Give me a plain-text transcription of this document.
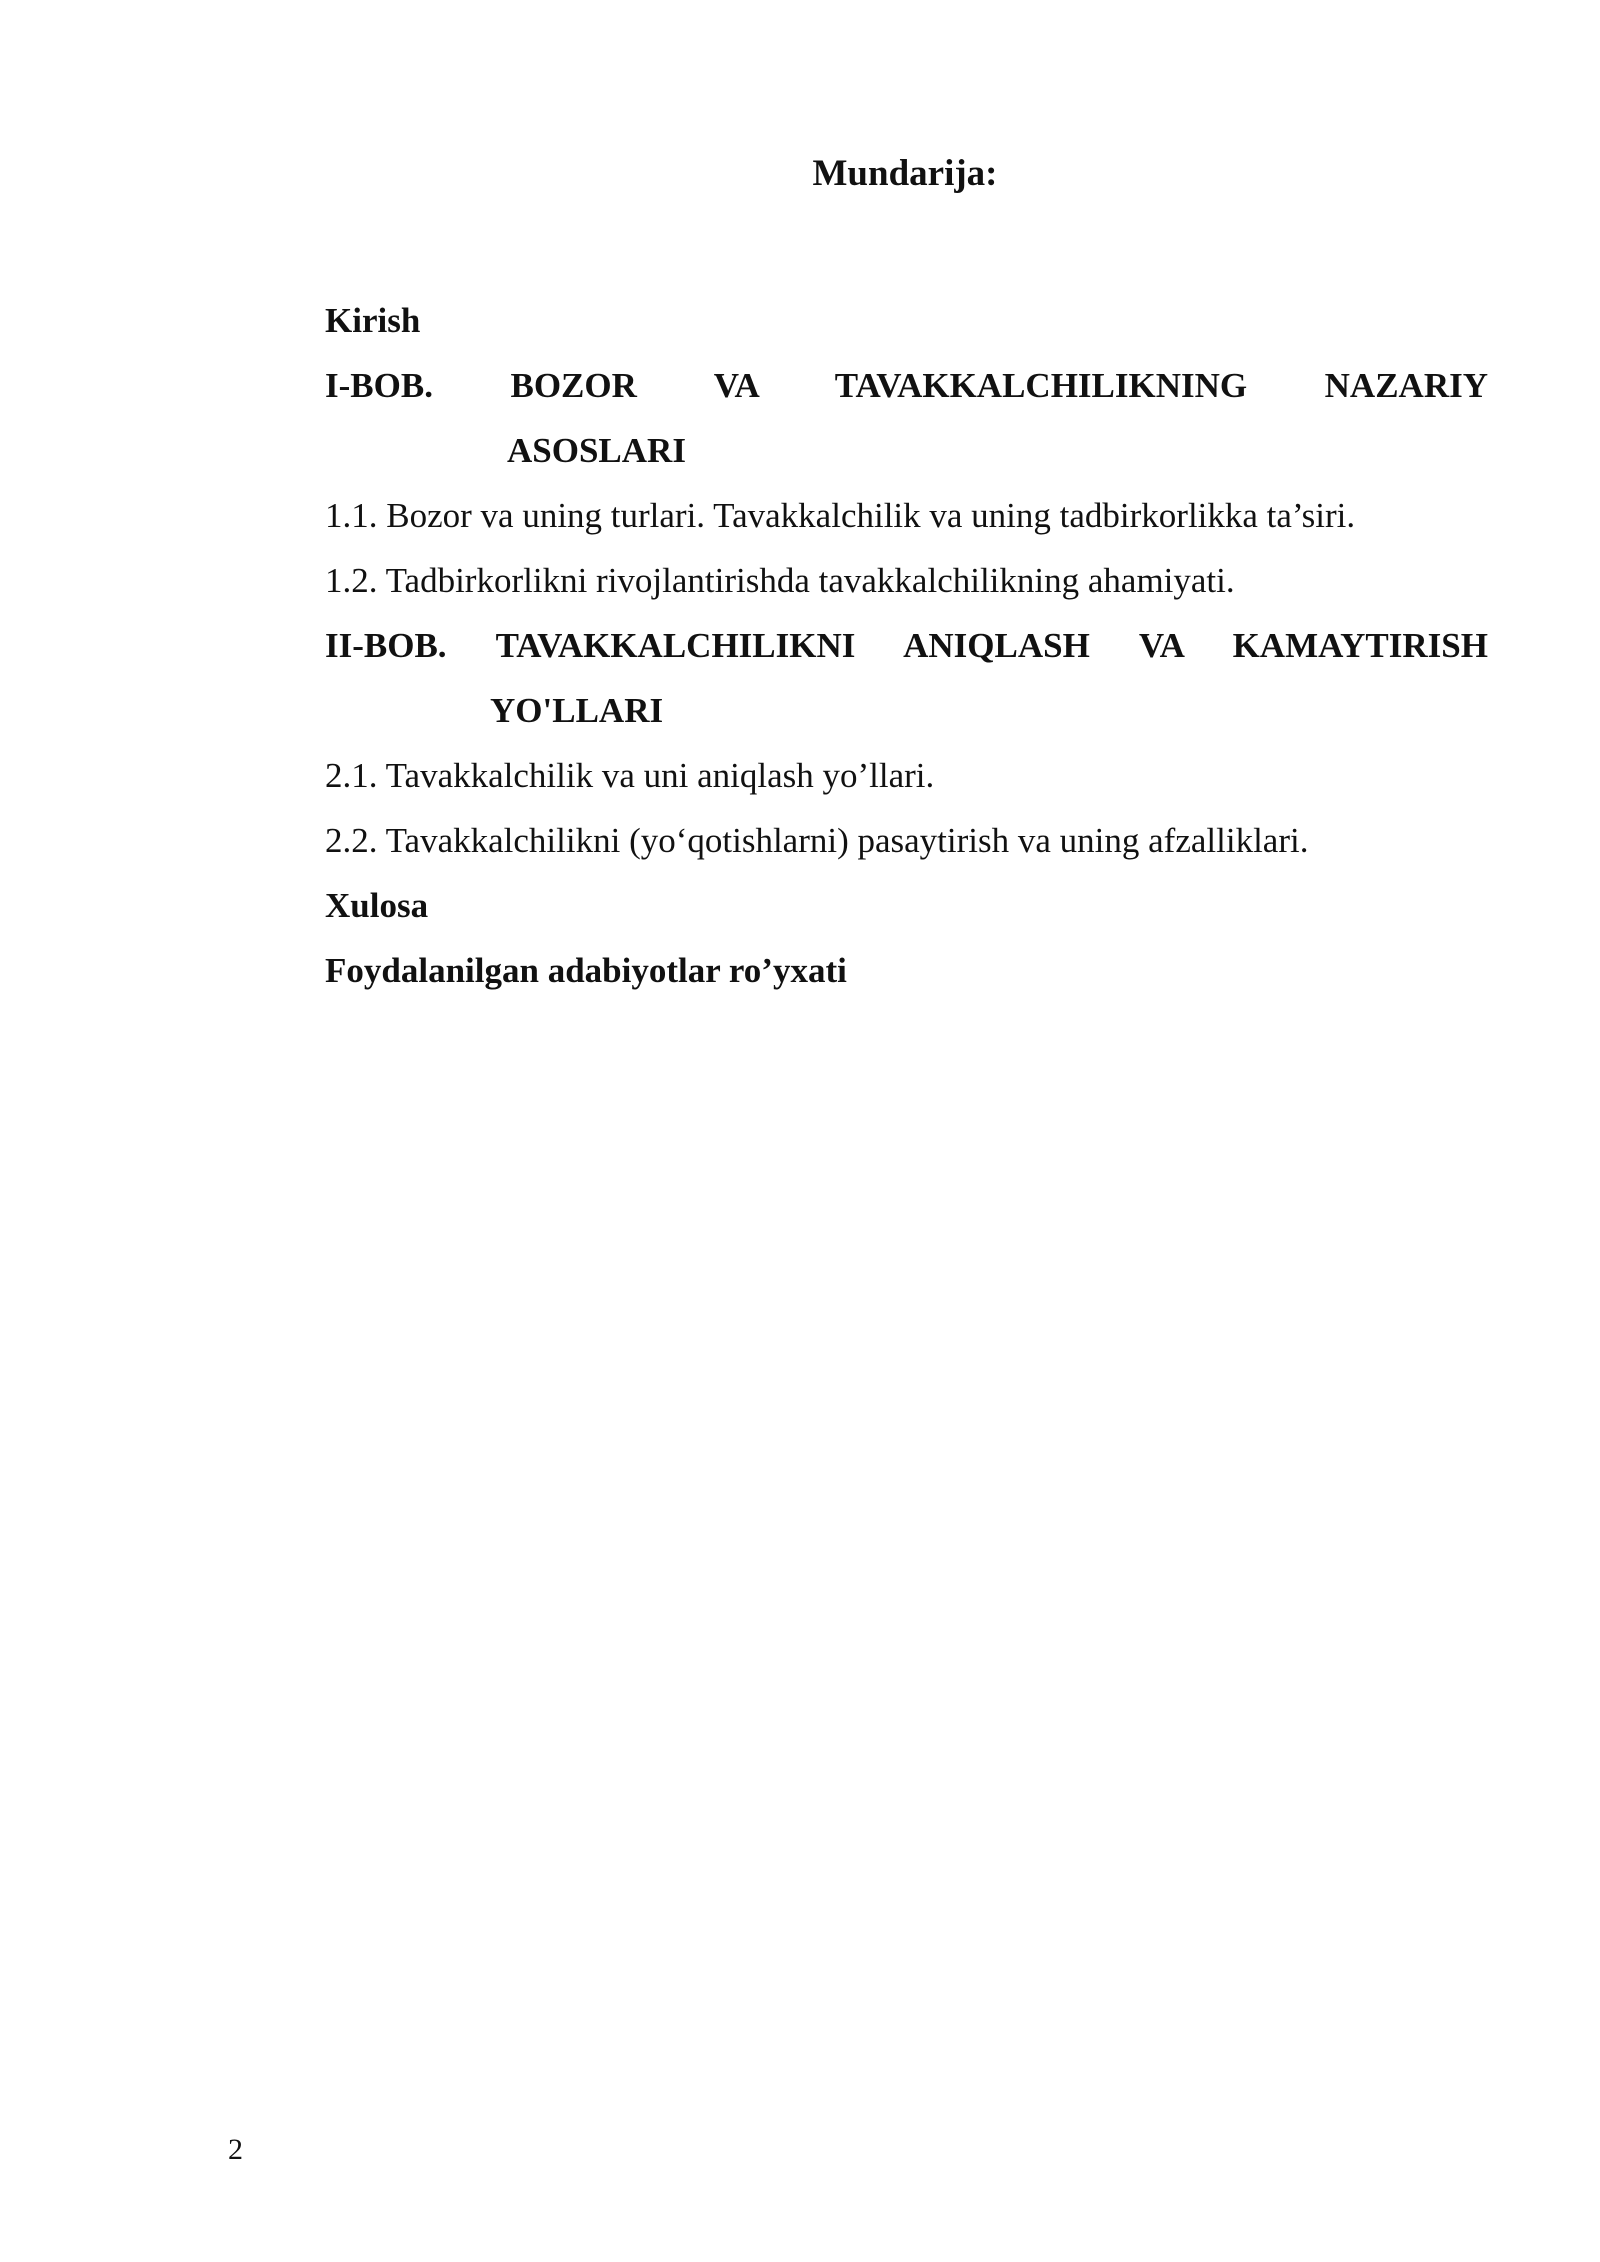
Mundarija:

Kirish

I-BOB. BOZOR VA TAVAKKALCHILIKNING NAZARIY

ASOSLARI

1.1. Bozor va uning turlari. Tavakkalchilik va uning tadbirkorlikka ta’siri.

1.2. Tadbirkorlikni rivojlantirishda tavakkalchilikning ahamiyati.

II-BOB. TAVAKKALCHILIKNI ANIQLASH VA KAMAYTIRISH

YO'LLARI

2.1. Tavakkalchilik va uni aniqlash yo’llari.

2.2. Tavakkalchilikni (yo‘qotishlarni) pasaytirish va uning afzalliklari.

Xulosa

Foydalanilgan adabiyotlar ro’yxati

2
